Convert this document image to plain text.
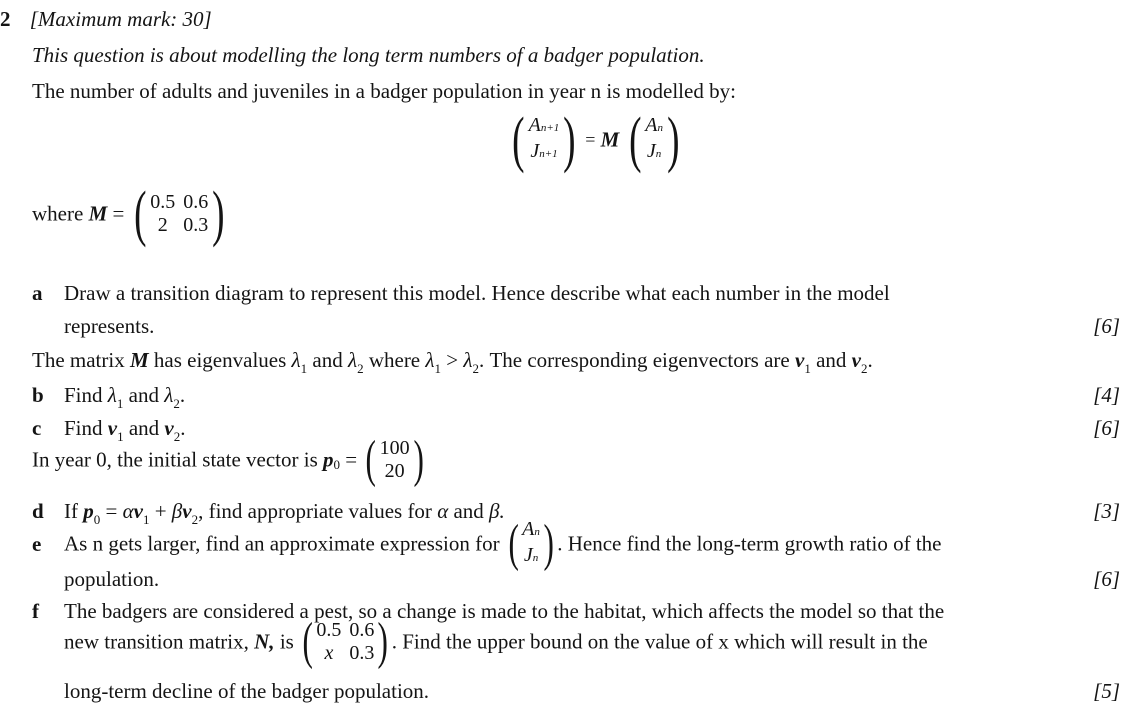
2 [Maximum mark: 30]
This question is about modelling the long term numbers of a badger population.
The number of adults and juveniles in a badger population in year n is modelled by:
( An+1
Jn+1 ) = M ( An
Jn )
where M = ( 0.5 0.6
2 0.3 )
a Draw a transition diagram to represent this model. Hence describe what each number in the model
represents.	[6]
The matrix M has eigenvalues $\lambda_1$ and $\lambda_2$ where $\lambda_1 > \lambda_2$. The corresponding eigenvectors are $v_1$ and $v_2$.
b Find $\lambda_1$ and $\lambda_2$.	[4]
c Find $v_1$ and $v_2$.	[6]
In year 0, the initial state vector is $p_0$ = ( 100
20 )
d If $p_0 = \alpha v_1 + \beta v_2$, find appropriate values for α and β.	[3]
e As n gets larger, find an approximate expression for ( An
Jn ) . Hence find the long-term growth ratio of the
population.	[6]
f The badgers are considered a pest, so a change is made to the habitat, which affects the model so that the
new transition matrix, N, is ( 0.5 0.6
x 0.3 ) . Find the upper bound on the value of x which will result in the
long-term decline of the badger population.	[5]
